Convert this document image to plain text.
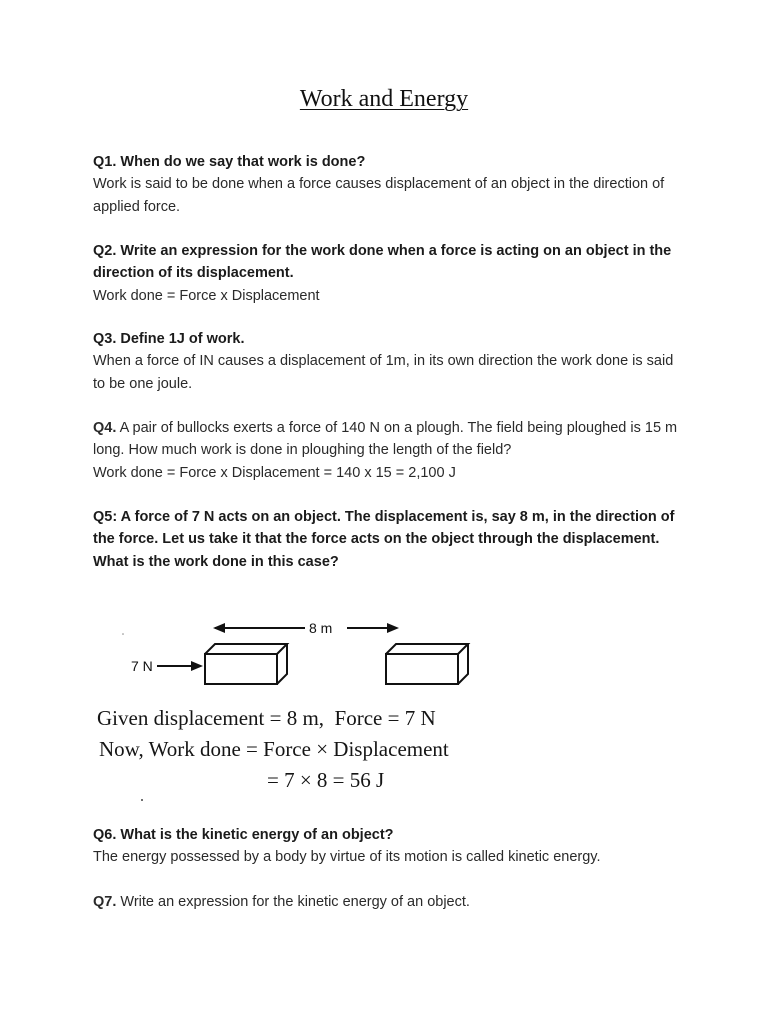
Work and Energy
Q1. When do we say that work is done?
Work is said to be done when a force causes displacement of an object in the direction of applied force.
Q2. Write an expression for the work done when a force is acting on an object in the direction of its displacement.
Work done = Force x Displacement
Q3. Define 1J of work.
When a force of IN causes a displacement of 1m, in its own direction the work done is said to be one joule.
Q4. A pair of bullocks exerts a force of 140 N on a plough. The field being ploughed is 15 m long. How much work is done in ploughing the length of the field?
Work done = Force x Displacement = 140 x 15 = 2,100 J
Q5: A force of 7 N acts on an object. The displacement is, say 8 m, in the direction of the force. Let us take it that the force acts on the object through the displacement. What is the work done in this case?
8 m
7 N
Given displacement = 8 m,  Force = 7 N
Now, Work done = Force × Displacement
= 7 × 8 = 56 J
Q6. What is the kinetic energy of an object?
The energy possessed by a body by virtue of its motion is called kinetic energy.
Q7. Write an expression for the kinetic energy of an object.
